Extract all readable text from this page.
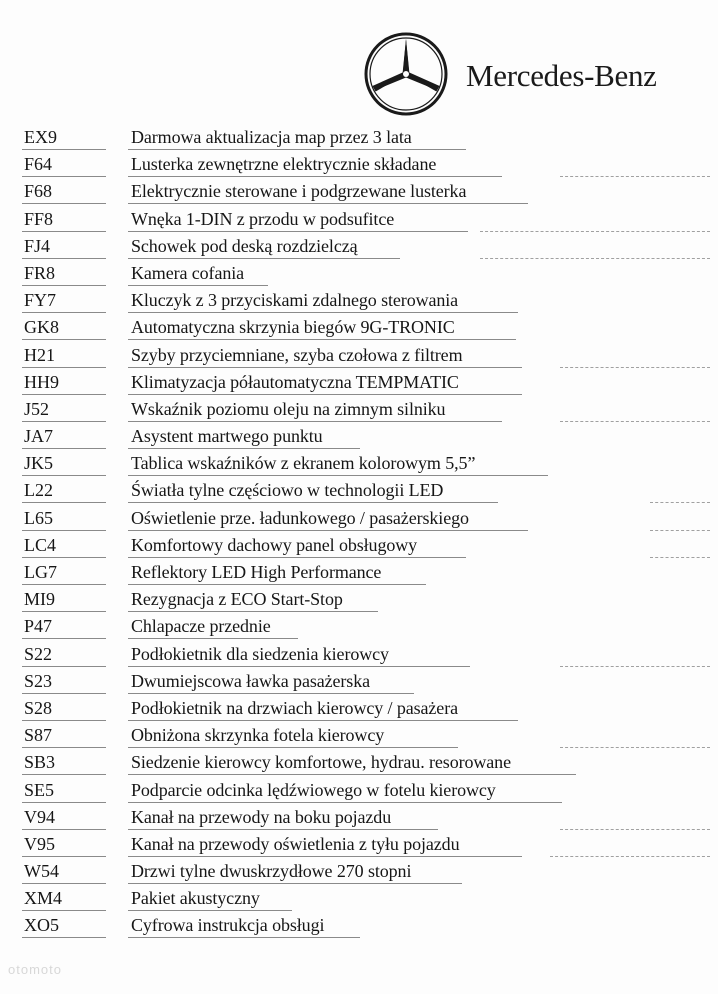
Mercedes-Benz
EX9	Darmowa aktualizacja map przez 3 lata
F64	Lusterka zewnętrzne elektrycznie składane
F68	Elektrycznie sterowane i podgrzewane lusterka
FF8	Wnęka 1-DIN z przodu w podsufitce
FJ4	Schowek pod deską rozdzielczą
FR8	Kamera cofania
FY7	Kluczyk z 3 przyciskami zdalnego sterowania
GK8	Automatyczna skrzynia biegów 9G-TRONIC
H21	Szyby przyciemniane, szyba czołowa z filtrem
HH9	Klimatyzacja półautomatyczna TEMPMATIC
J52	Wskaźnik poziomu oleju na zimnym silniku
JA7	Asystent martwego punktu
JK5	Tablica wskaźników z ekranem kolorowym 5,5”
L22	Światła tylne częściowo w technologii LED
L65	Oświetlenie prze. ładunkowego / pasażerskiego
LC4	Komfortowy dachowy panel obsługowy
LG7	Reflektory LED High Performance
MI9	Rezygnacja z ECO Start-Stop
P47	Chlapacze przednie
S22	Podłokietnik dla siedzenia kierowcy
S23	Dwumiejscowa ławka pasażerska
S28	Podłokietnik na drzwiach kierowcy / pasażera
S87	Obniżona skrzynka fotela kierowcy
SB3	Siedzenie kierowcy komfortowe, hydrau. resorowane
SE5	Podparcie odcinka lędźwiowego w fotelu kierowcy
V94	Kanał na przewody na boku pojazdu
V95	Kanał na przewody oświetlenia z tyłu pojazdu
W54	Drzwi tylne dwuskrzydłowe 270 stopni
XM4	Pakiet akustyczny
XO5	Cyfrowa instrukcja obsługi
otomoto
